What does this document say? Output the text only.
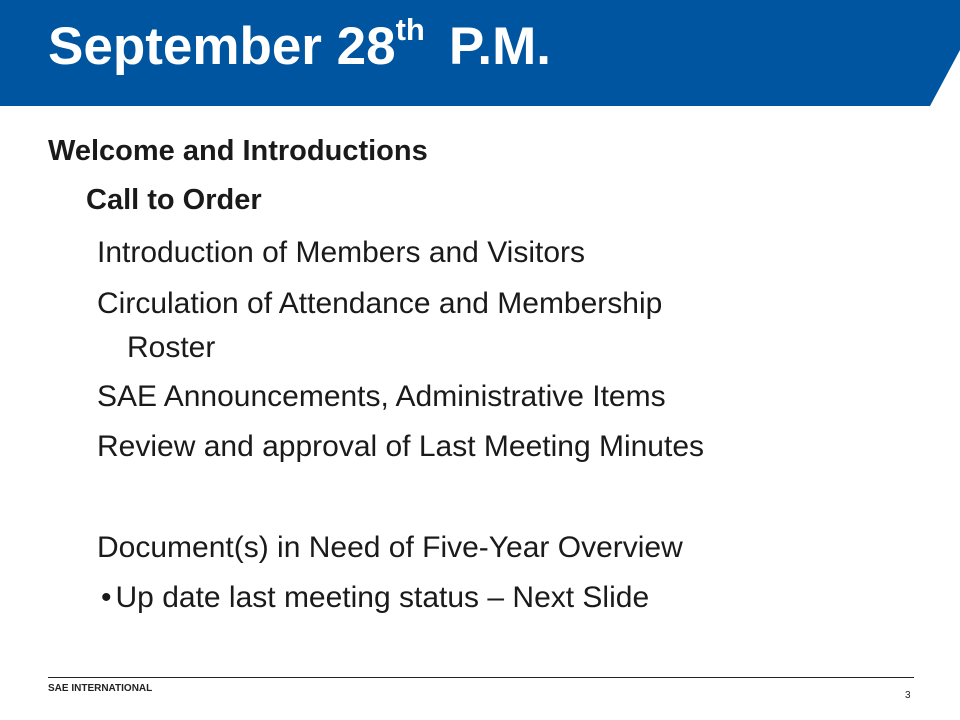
September 28th P.M.
Welcome and Introductions
Call to Order
Introduction of Members and Visitors
Circulation of Attendance and Membership
Roster
SAE Announcements, Administrative Items
Review and approval of Last Meeting Minutes
Document(s) in Need of Five-Year Overview
• Up date last meeting status – Next Slide
SAE INTERNATIONAL
3
